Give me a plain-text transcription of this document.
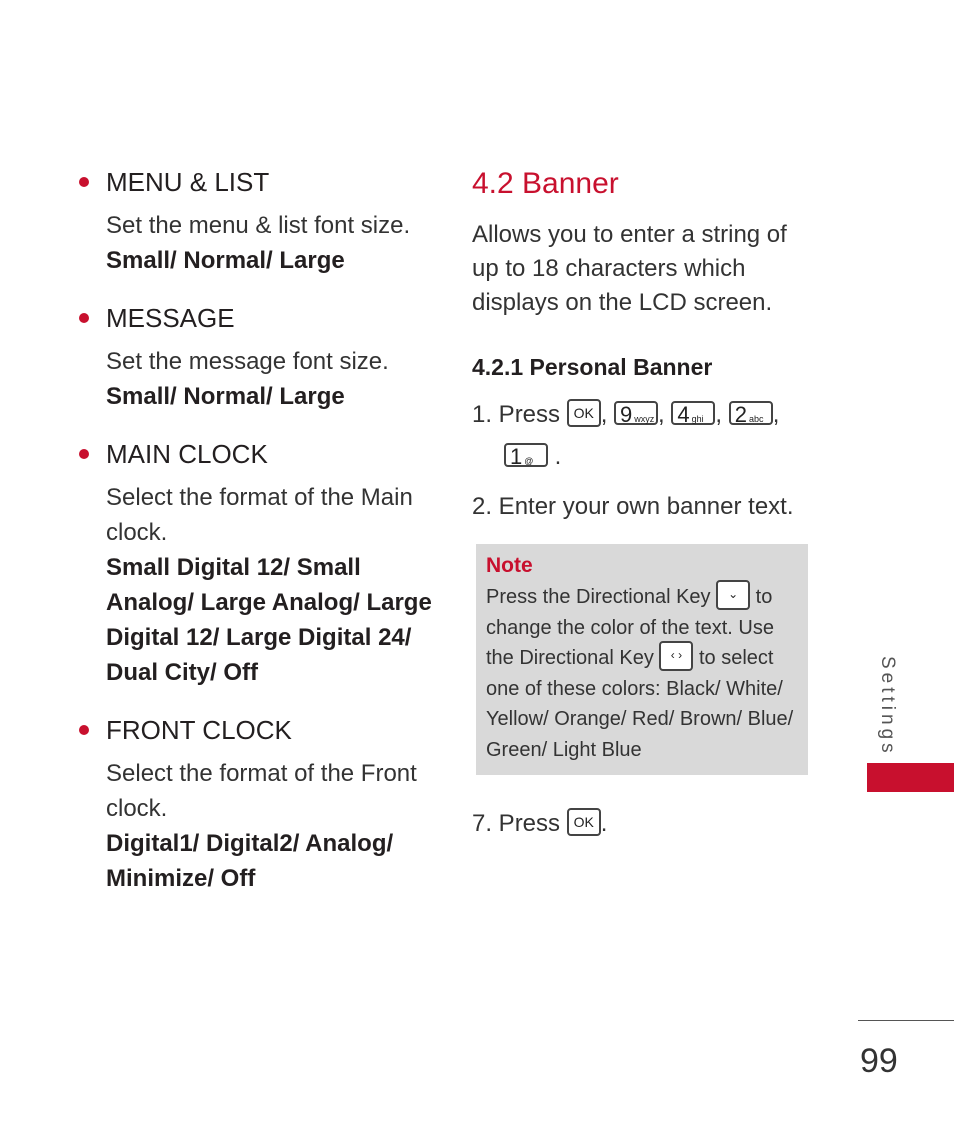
MENU & LIST

Set the menu & list font size.

Small/ Normal/ Large

MESSAGE

Set the message font size.

Small/ Normal/ Large

MAIN CLOCK

Select the format of the Main clock.

Small Digital 12/ Small Analog/ Large Analog/ Large Digital 12/ Large Digital 24/ Dual City/ Off

FRONT CLOCK

Select the format of the Front clock.

Digital1/ Digital2/ Analog/ Minimize/ Off

4.2 Banner

Allows you to enter a string of up to 18 characters which displays on the LCD screen.

4.2.1 Personal Banner

1. Press OK , 9 wxyz , 4 ghi , 2 abc ,
1 @ .

2. Enter your own banner text.

Note

Press the Directional Key ⌄ to change the color of the text. Use the Directional Key ‹ › to select one of these colors: Black/ White/ Yellow/ Orange/ Red/ Brown/ Blue/ Green/ Light Blue

7. Press OK .

Settings
99
